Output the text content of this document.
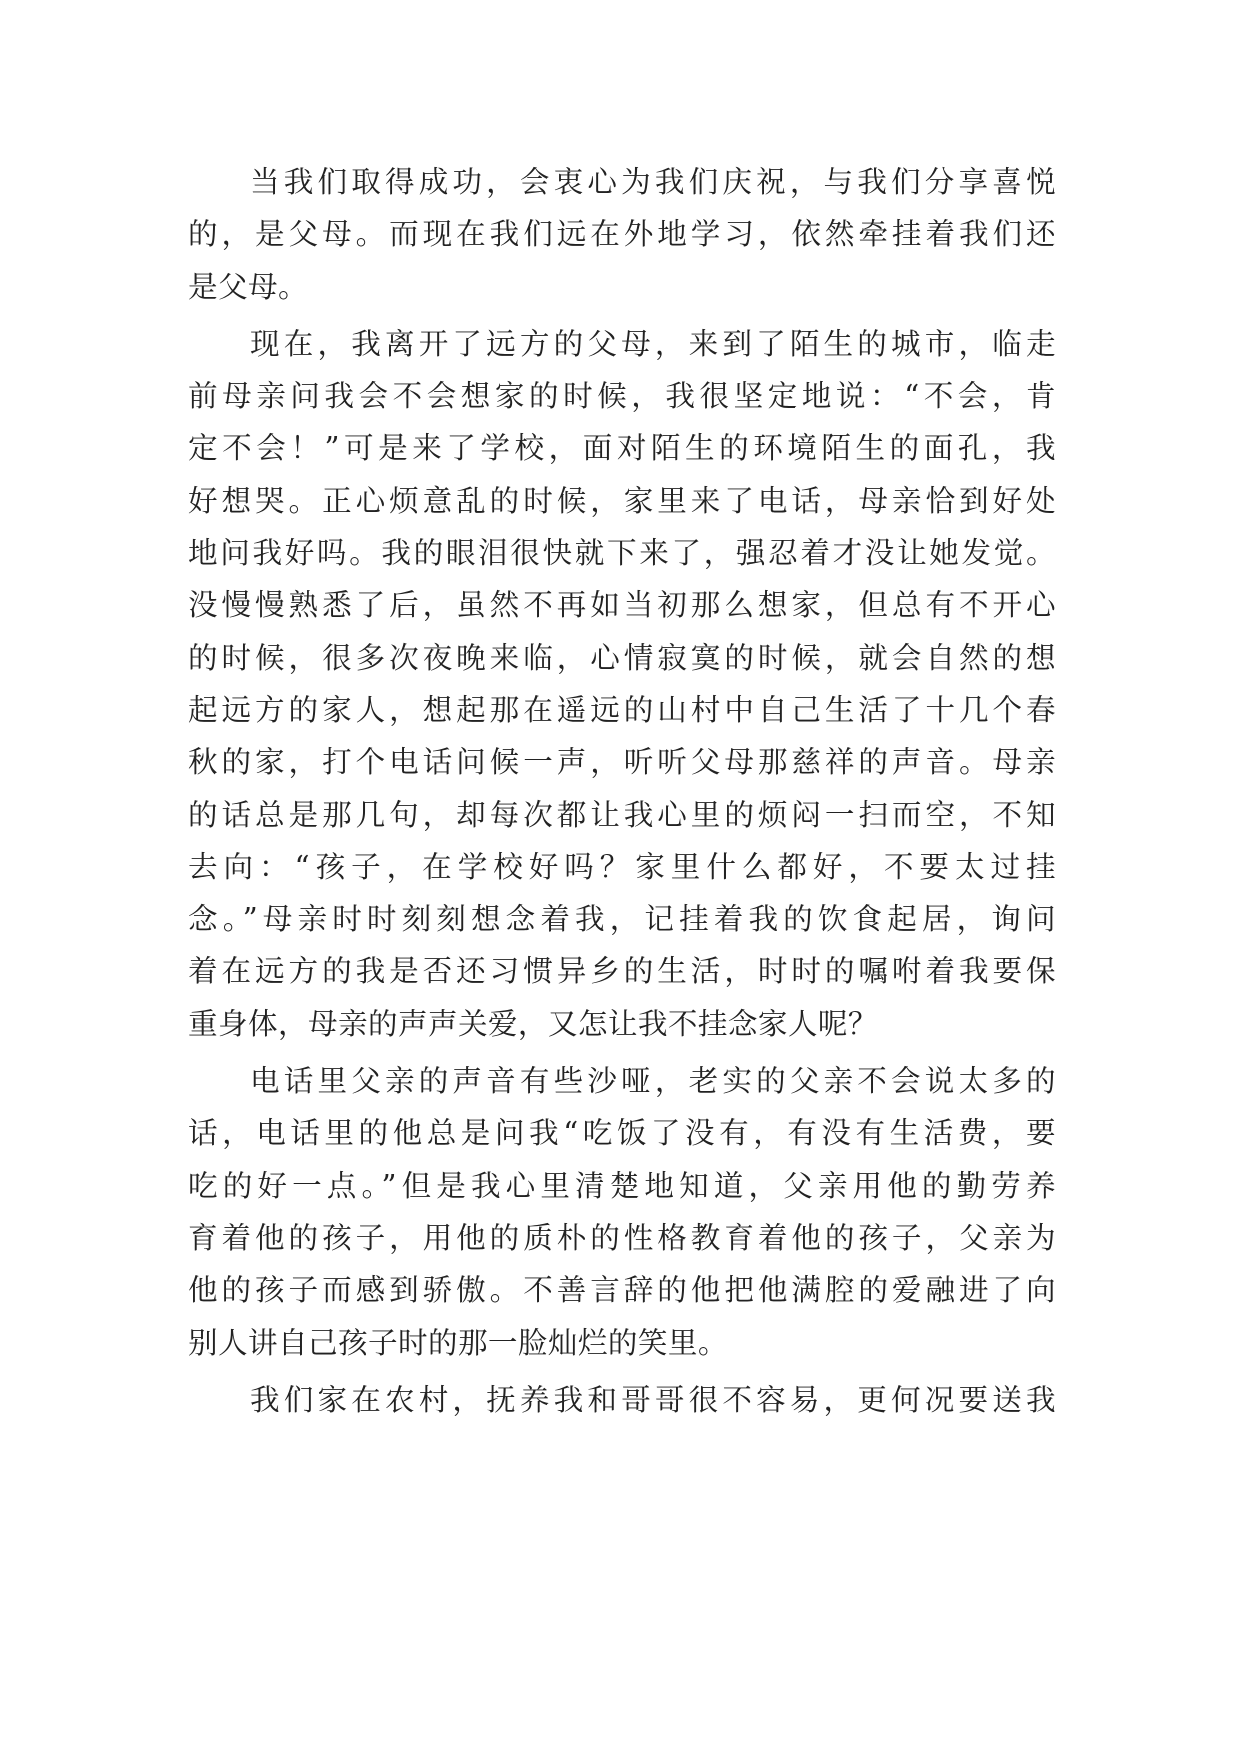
当我们取得成功，会衷心为我们庆祝，与我们分享喜悦
的，是父母。而现在我们远在外地学习，依然牵挂着我们还
是父母。
现在，我离开了远方的父母，来到了陌生的城市，临走
前母亲问我会不会想家的时候，我很坚定地说：“不会，肯
定不会！”可是来了学校，面对陌生的环境陌生的面孔，我
好想哭。正心烦意乱的时候，家里来了电话，母亲恰到好处
地问我好吗。我的眼泪很快就下来了，强忍着才没让她发觉。
没慢慢熟悉了后，虽然不再如当初那么想家，但总有不开心
的时候，很多次夜晚来临，心情寂寞的时候，就会自然的想
起远方的家人，想起那在遥远的山村中自己生活了十几个春
秋的家，打个电话问候一声，听听父母那慈祥的声音。母亲
的话总是那几句，却每次都让我心里的烦闷一扫而空，不知
去向：“孩子，在学校好吗？家里什么都好，不要太过挂
念。”母亲时时刻刻想念着我，记挂着我的饮食起居，询问
着在远方的我是否还习惯异乡的生活，时时的嘱咐着我要保
重身体，母亲的声声关爱，又怎让我不挂念家人呢？
电话里父亲的声音有些沙哑，老实的父亲不会说太多的
话，电话里的他总是问我“吃饭了没有，有没有生活费，要
吃的好一点。”但是我心里清楚地知道，父亲用他的勤劳养
育着他的孩子，用他的质朴的性格教育着他的孩子，父亲为
他的孩子而感到骄傲。不善言辞的他把他满腔的爱融进了向
别人讲自己孩子时的那一脸灿烂的笑里。
我们家在农村，抚养我和哥哥很不容易，更何况要送我
